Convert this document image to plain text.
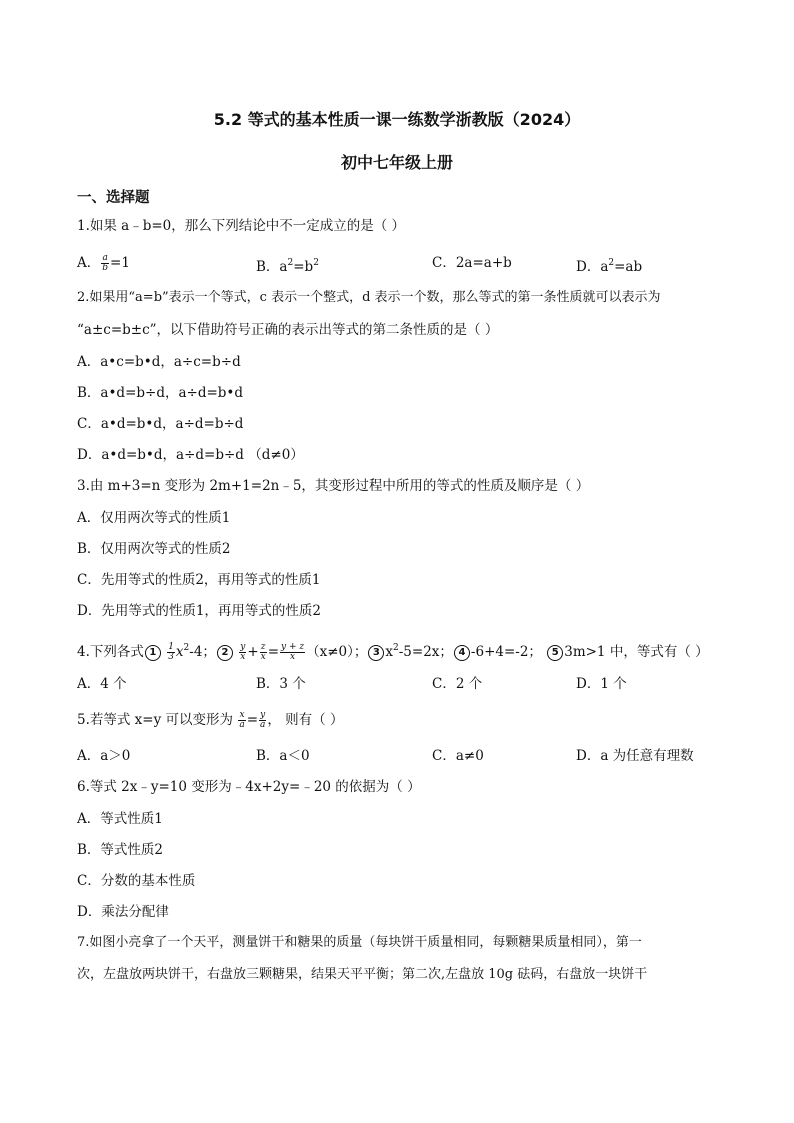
5.2 等式的基本性质一课一练数学浙教版（2024）
初中七年级上册
一、选择题
1.如果 a﹣b=0，那么下列结论中不一定成立的是（ ）
A． $\frac{a}{b} =1$	B．$a^2=b^2$	C．2a=a+b	D．$a^2=ab$
2.如果用“a=b”表示一个等式，c 表示一个整式，d 表示一个数，那么等式的第一条性质就可以表示为
“a±c=b±c”，以下借助符号正确的表示出等式的第二条性质的是（ ）
A．a•c=b•d，a÷c=b÷d
B．a•d=b÷d，a÷d=b•d
C．a•d=b•d，a÷d=b÷d
D．a•d=b•d，a÷d=b÷d （d≠0）
3.由 m+3=n 变形为 2m+1=2n﹣5，其变形过程中所用的等式的性质及顺序是（ ）
A．仅用两次等式的性质1
B．仅用两次等式的性质2
C．先用等式的性质2，再用等式的性质1
D．先用等式的性质1，再用等式的性质2
4.下列各式 $1 \frac{1}{3} x^2-4$； $2 \frac{y}{x} + \frac{z}{x} = \frac{y + z}{x} (x\ne 0)$； 3 $x^2-5=2x$； 4 -6+4=-2； 5 3m>1 中，等式有（ ）
A．4 个	B．3 个	C．2 个	D．1 个
5.若等式 x=y 可以变形为 $\frac{x}{a} = \frac{y}{a}$ ， 则有（ ）
A．a＞0	B．a＜0	C．a≠0	D．a 为任意有理数
6.等式 2x﹣y=10 变形为﹣4x+2y=﹣20 的依据为（ ）
A．等式性质1
B．等式性质2
C．分数的基本性质
D．乘法分配律
7.如图小亮拿了一个天平，测量饼干和糖果的质量（每块饼干质量相同，每颗糖果质量相同），第一
次，左盘放两块饼干，右盘放三颗糖果，结果天平平衡；第二次,左盘放 10g 砝码，右盘放一块饼干
